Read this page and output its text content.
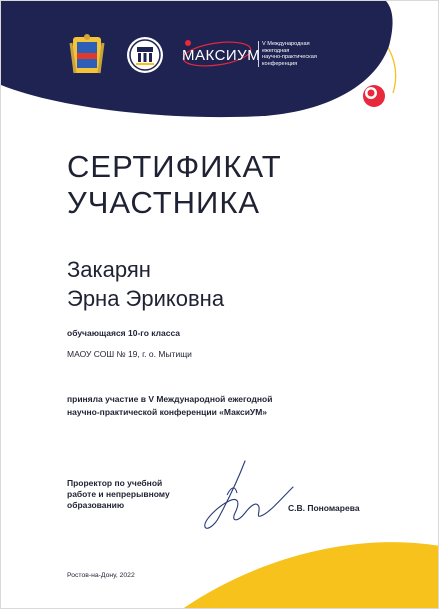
МАКСИУМ
V Международная
ежегодная
научно-практическая
конференция
СЕРТИФИКАТ
УЧАСТНИКА
Закарян
Эрна Эриковна
обучающаяся 10-го класса
МАОУ СОШ № 19, г. о. Мытищи
приняла участие в V Международной ежегодной
научно-практической конференции «МаксиУМ»
Проректор по учебной
работе и непрерывному
образованию	С.В. Пономарева
Ростов-на-Дону, 2022
